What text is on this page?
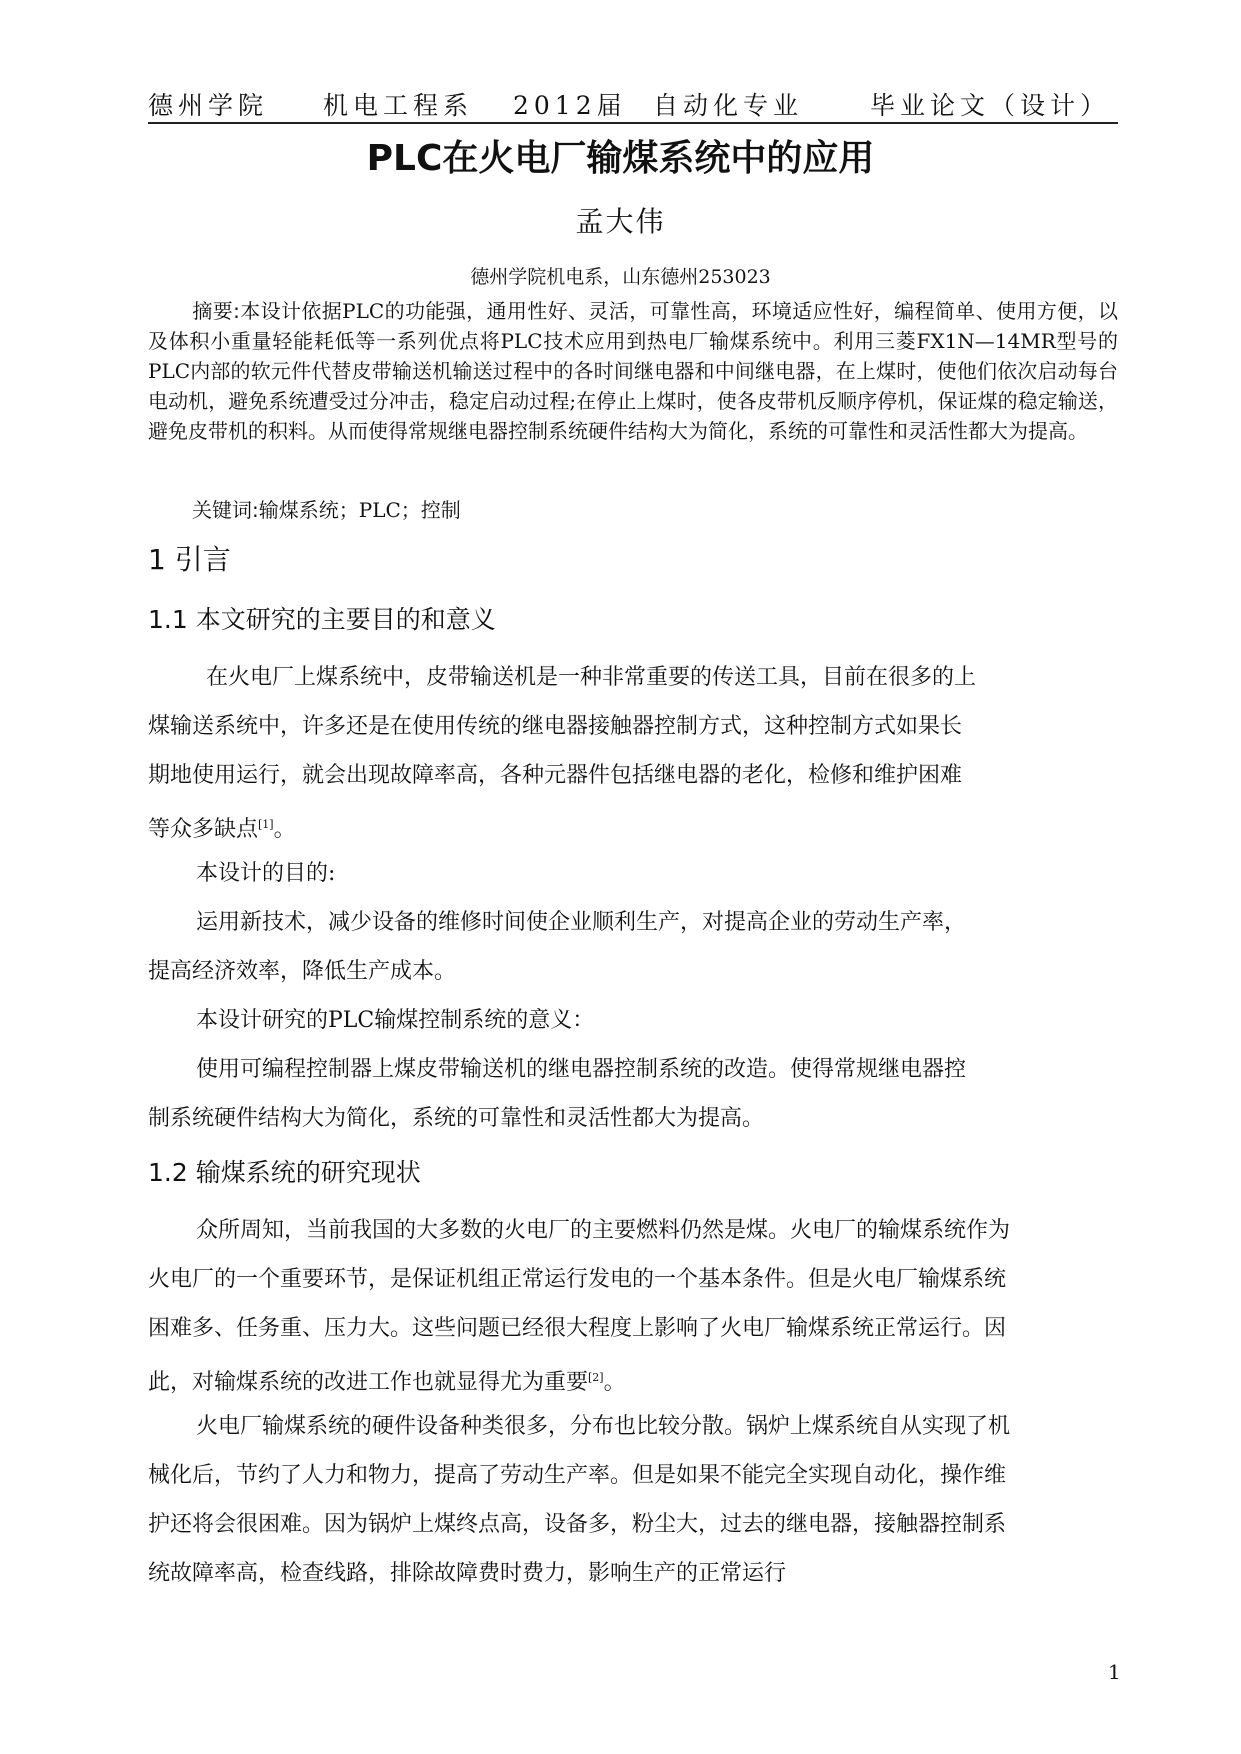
德州学院 机电工程系 2012届 自动化专业	毕业论文（设计）
PLC在火电厂输煤系统中的应用
孟大伟
德州学院机电系，山东德州253023
摘要:本设计依据PLC的功能强，通用性好、灵活，可靠性高，环境适应性好，编程简单、使用方便，以及体积小重量轻能耗低等一系列优点将PLC技术应用到热电厂输煤系统中。利用三菱FX1N—14MR型号的PLC内部的软元件代替皮带输送机输送过程中的各时间继电器和中间继电器，在上煤时，使他们依次启动每台电动机，避免系统遭受过分冲击，稳定启动过程;在停止上煤时，使各皮带机反顺序停机，保证煤的稳定输送，避免皮带机的积料。从而使得常规继电器控制系统硬件结构大为简化，系统的可靠性和灵活性都大为提高。
关键词:输煤系统；PLC；控制
1 引言
1.1 本文研究的主要目的和意义
在火电厂上煤系统中，皮带输送机是一种非常重要的传送工具，目前在很多的上
煤输送系统中，许多还是在使用传统的继电器接触器控制方式，这种控制方式如果长
期地使用运行，就会出现故障率高，各种元器件包括继电器的老化，检修和维护困难
等众多缺点[1]。
本设计的目的:
运用新技术，减少设备的维修时间使企业顺利生产，对提高企业的劳动生产率，
提高经济效率，降低生产成本。
本设计研究的PLC输煤控制系统的意义：
使用可编程控制器上煤皮带输送机的继电器控制系统的改造。使得常规继电器控
制系统硬件结构大为简化，系统的可靠性和灵活性都大为提高。
1.2 输煤系统的研究现状
众所周知，当前我国的大多数的火电厂的主要燃料仍然是煤。火电厂的输煤系统作为
火电厂的一个重要环节，是保证机组正常运行发电的一个基本条件。但是火电厂输煤系统
困难多、任务重、压力大。这些问题已经很大程度上影响了火电厂输煤系统正常运行。因
此，对输煤系统的改进工作也就显得尤为重要[2]。
火电厂输煤系统的硬件设备种类很多，分布也比较分散。锅炉上煤系统自从实现了机
械化后，节约了人力和物力，提高了劳动生产率。但是如果不能完全实现自动化，操作维
护还将会很困难。因为锅炉上煤终点高，设备多，粉尘大，过去的继电器，接触器控制系
统故障率高，检查线路，排除故障费时费力，影响生产的正常运行
1
